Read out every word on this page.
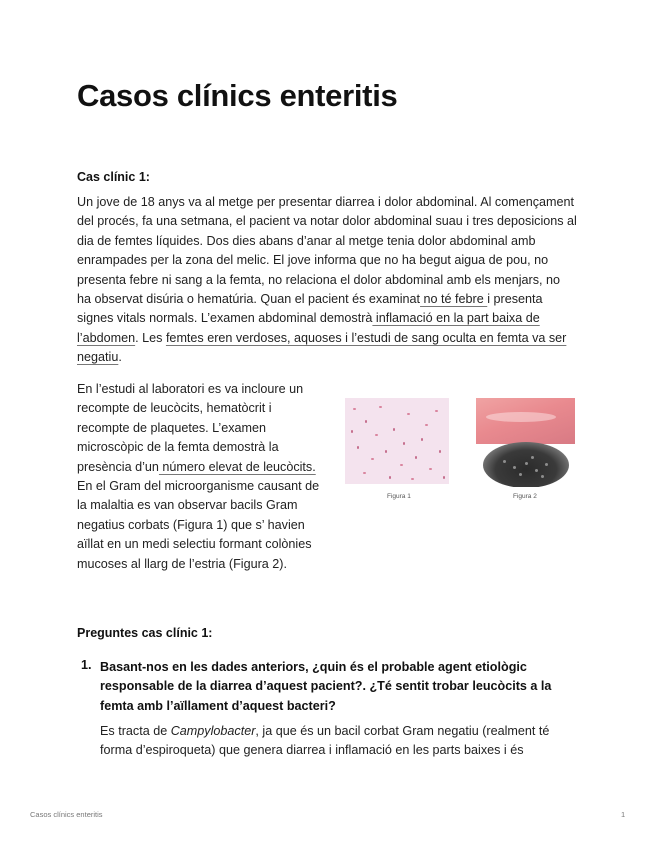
Casos clínics enteritis
Cas clínic 1:

Un jove de 18 anys va al metge per presentar diarrea i dolor abdominal. Al començament del procés, fa una setmana, el pacient va notar dolor abdominal suau i tres deposicions al dia de femtes líquides. Dos dies abans d’anar al metge tenia dolor abdominal amb enrampades per la zona del melic. El jove informa que no ha begut aigua de pou, no presenta febre ni sang a la femta, no relaciona el dolor abdominal amb els menjars, no ha observat disúria o hematúria. Quan el pacient és examinat no té febre i presenta signes vitals normals. L’examen abdominal demostrà inflamació en la part baixa de l’abdomen. Les femtes eren verdoses, aquoses i l’estudi de sang oculta en femta va ser negatiu.

En l’estudi al laboratori es va incloure un recompte de leucòcits, hematòcrit i recompte de plaquetes. L’examen microscòpic de la femta demostrà la presència d’un número elevat de leucòcits. En el Gram del microorganisme causant de la malaltia es van observar bacils Gram negatius corbats (Figura 1) que s’ havien aïllat en un medi selectiu formant colònies mucoses al llarg de l’estria (Figura 2).

Figura 1	Figura 2
Preguntes cas clínic 1:
1. Basant-nos en les dades anteriors, ¿quin és el probable agent etiològic responsable de la diarrea d’aquest pacient?. ¿Té sentit trobar leucòcits a la femta amb l’aïllament d’aquest bacteri?

Es tracta de Campylobacter, ja que és un bacil corbat Gram negatiu (realment té forma d’espiroqueta) que genera diarrea i inflamació en les parts baixes i és

Casos clínics enteritis	1
